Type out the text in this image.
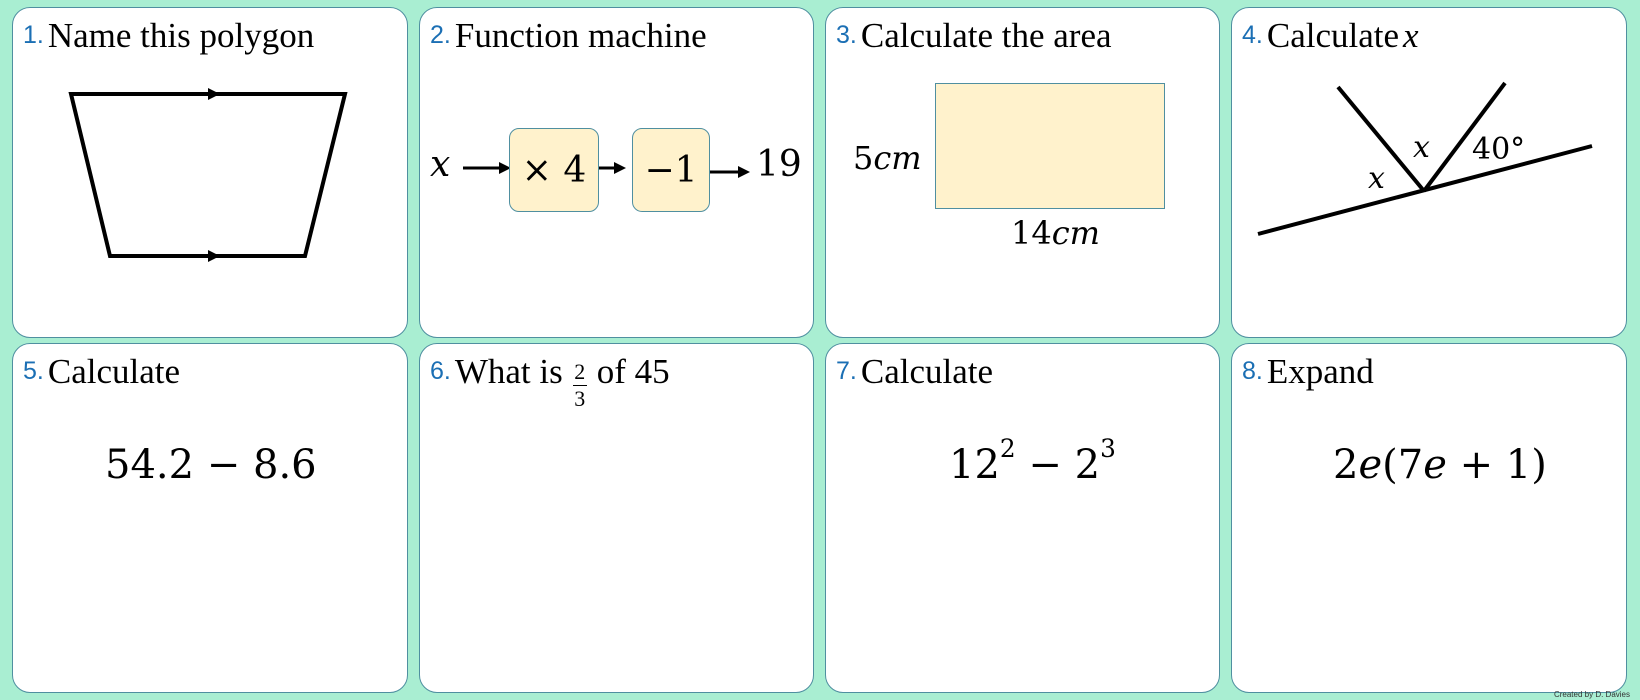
1. Name this polygon	2. Function machine
x	× 4	−1	19
3. Calculate the area
5cm
14cm
4. Calculate x
x
x 40°
5. Calculate
54.2 − 8.6
6. What is $\frac{2}{3}$ of 45	7. Calculate
$12^2 - 2^3$
8. Expand
2e(7e + 1)
Created by D. Davies
